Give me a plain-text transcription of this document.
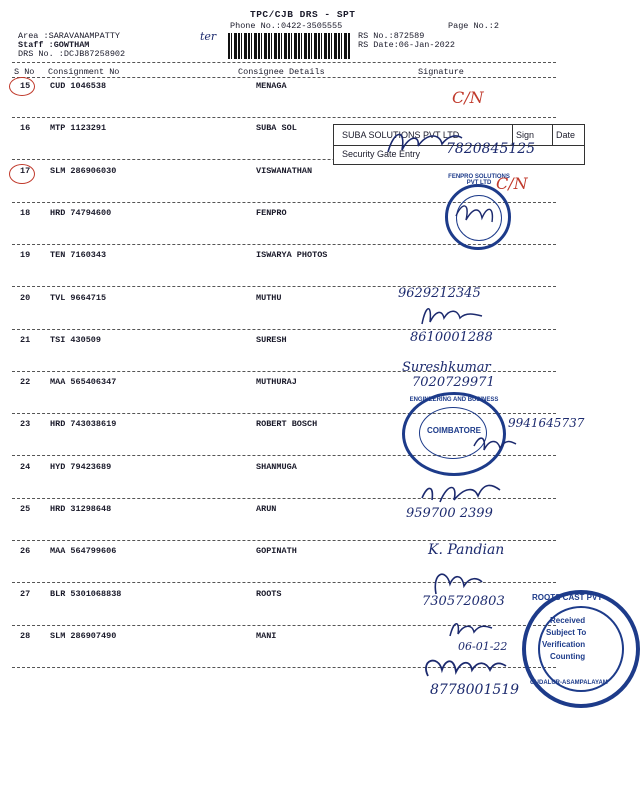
TPC/CJB DRS - SPT
Phone No.:0422-3505555	Page No.:2
Area :SARAVANAMPATTY
Staff :GOWTHAM
DRS No. :DCJB87258902
RS No.:872589
RS Date:06-Jan-2022
ter
S No Consignment No	Consignee Details	Signature
15 CUD 1046538	MENAGA
16 MTP 1123291	SUBA SOL
17 SLM 286906030	VISWANATHAN
18 HRD 74794600	FENPRO
19 TEN 7160343	ISWARYA PHOTOS
20 TVL 9664715	MUTHU
21 TSI 430509	SURESH
22 MAA 565406347	MUTHURAJ
23 HRD 743038619	ROBERT BOSCH
24 HYD 79423689	SHANMUGA
25 HRD 31298648	ARUN
26 MAA 564799606	GOPINATH
27 BLR 5301068838	ROOTS
28 SLM 286907490	MANI
SUBA SOLUTIONS PVT LTD	Sign Date
Security Gate Entry 7820845125
FENPRO SOLUTIONS PVT LTD
ENGINEERING AND BUSINESS
COIMBATORE
ROOTS CAST PVT
Received
Subject To
Verification
Counting
GUDALUR-ASAMPALAYAM
C/N
C/N
9629212345
8610001288
Sureshkumar
7020729971
9941645737
959700 2399
K. Pandian
7305720803
06-01-22
8778001519
